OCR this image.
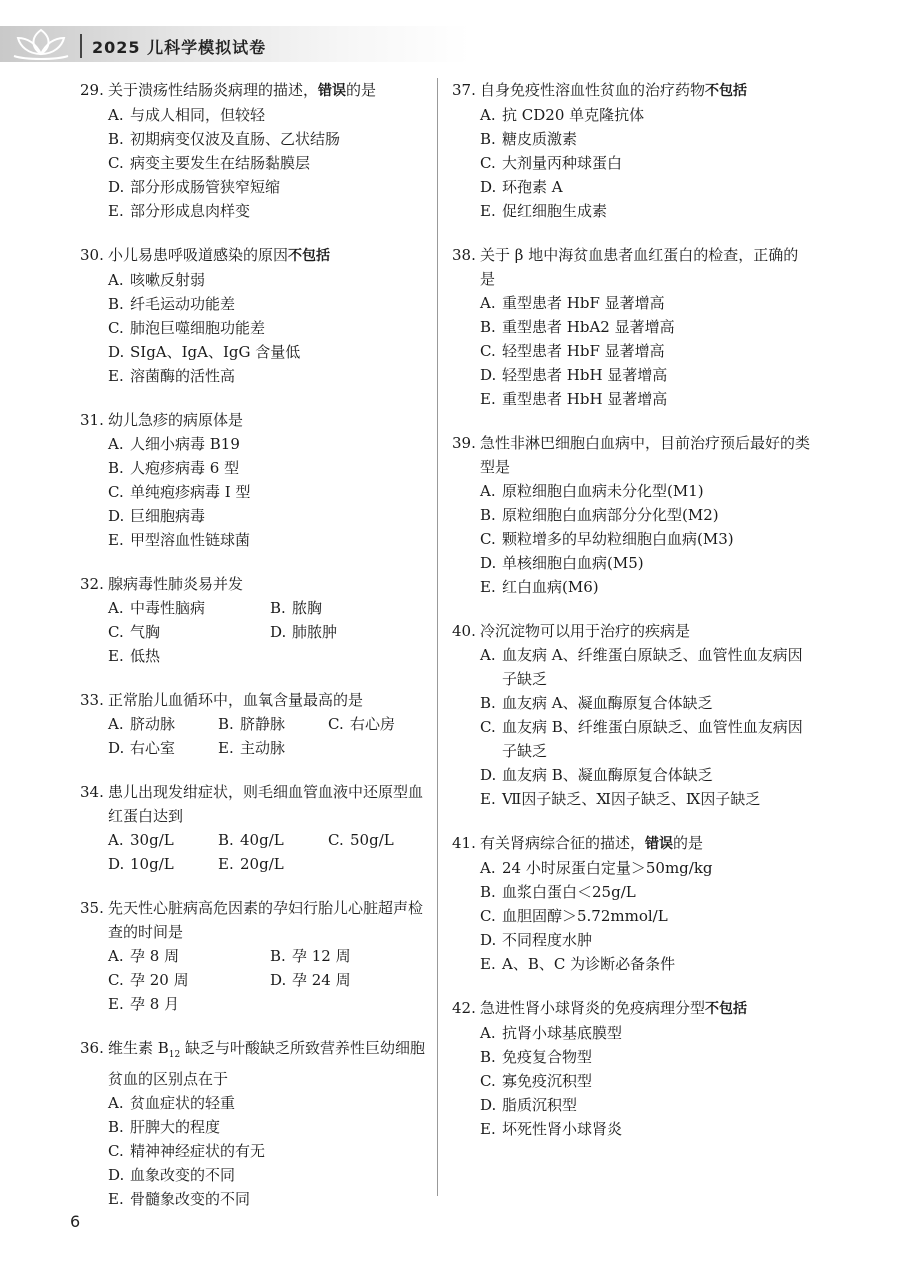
2025 儿科学模拟试卷
29. 关于溃疡性结肠炎病理的描述，错误的是
A. 与成人相同，但较轻
B. 初期病变仅波及直肠、乙状结肠
C. 病变主要发生在结肠黏膜层
D. 部分形成肠管狭窄短缩
E. 部分形成息肉样变
30. 小儿易患呼吸道感染的原因不包括
A. 咳嗽反射弱
B. 纤毛运动功能差
C. 肺泡巨噬细胞功能差
D. SIgA、IgA、IgG 含量低
E. 溶菌酶的活性高
31. 幼儿急疹的病原体是
A. 人细小病毒 B19
B. 人疱疹病毒 6 型
C. 单纯疱疹病毒 Ⅰ 型
D. 巨细胞病毒
E. 甲型溶血性链球菌
32. 腺病毒性肺炎易并发
A. 中毒性脑病	B. 脓胸
C. 气胸	D. 肺脓肿
E. 低热
33. 正常胎儿血循环中，血氧含量最高的是
A. 脐动脉	B. 脐静脉	C. 右心房
D. 右心室	E. 主动脉
34. 患儿出现发绀症状，则毛细血管血液中还原型血红蛋白达到
A. 30g/L	B. 40g/L	C. 50g/L
D. 10g/L	E. 20g/L
35. 先天性心脏病高危因素的孕妇行胎儿心脏超声检查的时间是
A. 孕 8 周	B. 孕 12 周
C. 孕 20 周	D. 孕 24 周
E. 孕 8 月
36. 维生素 $B_{12}$ 缺乏与叶酸缺乏所致营养性巨幼细胞贫血的区别点在于
A. 贫血症状的轻重
B. 肝脾大的程度
C. 精神神经症状的有无
D. 血象改变的不同
E. 骨髓象改变的不同
37. 自身免疫性溶血性贫血的治疗药物不包括
A. 抗 CD20 单克隆抗体
B. 糖皮质激素
C. 大剂量丙种球蛋白
D. 环孢素 A
E. 促红细胞生成素
38. 关于 β 地中海贫血患者血红蛋白的检查，正确的是
A. 重型患者 HbF 显著增高
B. 重型患者 HbA2 显著增高
C. 轻型患者 HbF 显著增高
D. 轻型患者 HbH 显著增高
E. 重型患者 HbH 显著增高
39. 急性非淋巴细胞白血病中，目前治疗预后最好的类型是
A. 原粒细胞白血病未分化型(M1)
B. 原粒细胞白血病部分分化型(M2)
C. 颗粒增多的早幼粒细胞白血病(M3)
D. 单核细胞白血病(M5)
E. 红白血病(M6)
40. 冷沉淀物可以用于治疗的疾病是
A. 血友病 A、纤维蛋白原缺乏、血管性血友病因子缺乏
B. 血友病 A、凝血酶原复合体缺乏
C. 血友病 B、纤维蛋白原缺乏、血管性血友病因子缺乏
D. 血友病 B、凝血酶原复合体缺乏
E. Ⅶ因子缺乏、Ⅺ因子缺乏、Ⅸ因子缺乏
41. 有关肾病综合征的描述，错误的是
A. 24 小时尿蛋白定量＞50mg/kg
B. 血浆白蛋白＜25g/L
C. 血胆固醇＞5.72mmol/L
D. 不同程度水肿
E. A、B、C 为诊断必备条件
42. 急进性肾小球肾炎的免疫病理分型不包括
A. 抗肾小球基底膜型
B. 免疫复合物型
C. 寡免疫沉积型
D. 脂质沉积型
E. 坏死性肾小球肾炎
6
